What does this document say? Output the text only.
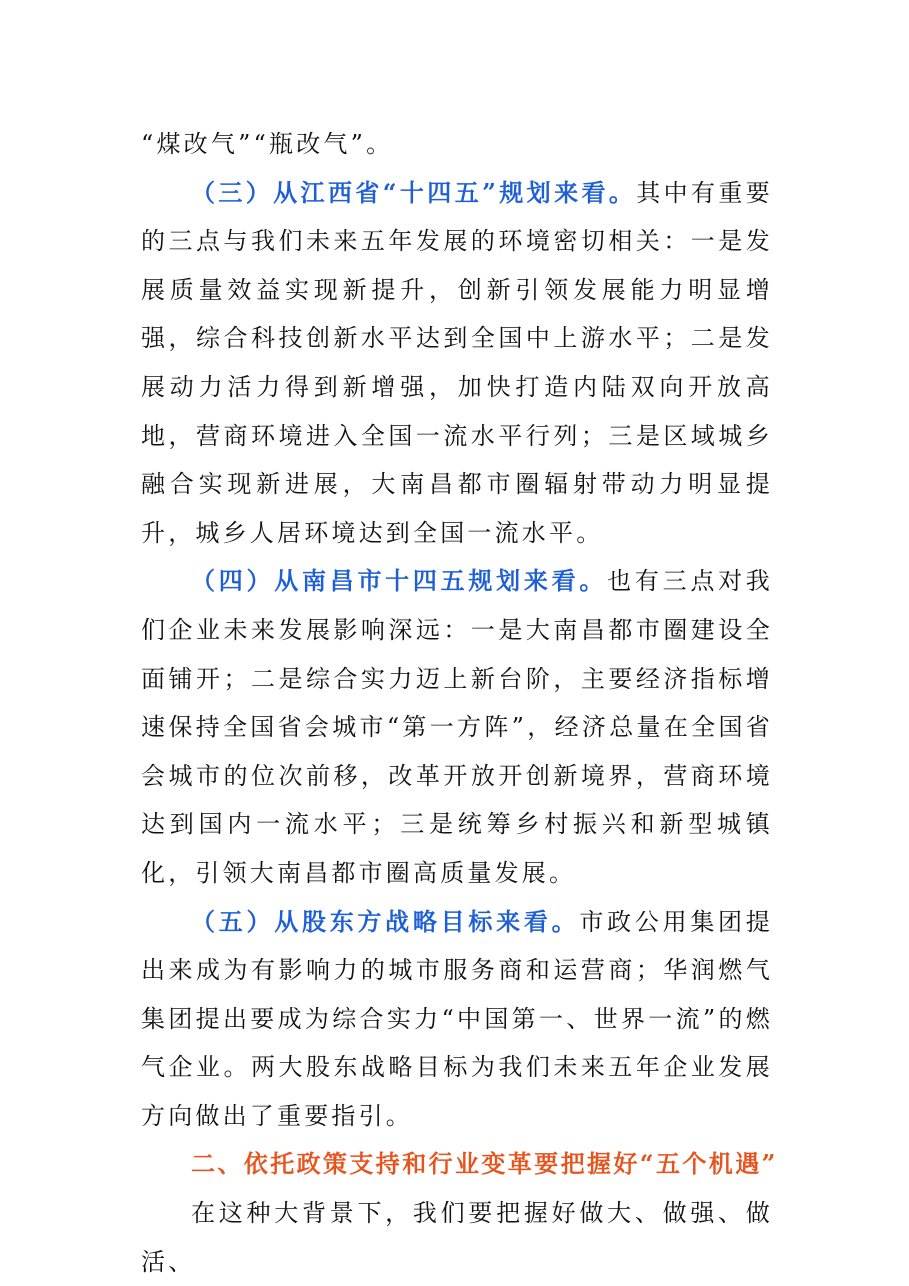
“煤改气”“瓶改气”。

（三）从江西省“十四五”规划来看。其中有重要的三点与我们未来五年发展的环境密切相关：一是发展质量效益实现新提升，创新引领发展能力明显增强，综合科技创新水平达到全国中上游水平；二是发展动力活力得到新增强，加快打造内陆双向开放高地，营商环境进入全国一流水平行列；三是区域城乡融合实现新进展，大南昌都市圈辐射带动力明显提升，城乡人居环境达到全国一流水平。

（四）从南昌市十四五规划来看。也有三点对我们企业未来发展影响深远：一是大南昌都市圈建设全面铺开；二是综合实力迈上新台阶，主要经济指标增速保持全国省会城市“第一方阵”，经济总量在全国省会城市的位次前移，改革开放开创新境界，营商环境达到国内一流水平；三是统筹乡村振兴和新型城镇化，引领大南昌都市圈高质量发展。

（五）从股东方战略目标来看。市政公用集团提出来成为有影响力的城市服务商和运营商；华润燃气集团提出要成为综合实力“中国第一、世界一流”的燃气企业。两大股东战略目标为我们未来五年企业发展方向做出了重要指引。

二、依托政策支持和行业变革要把握好“五个机遇”

在这种大背景下，我们要把握好做大、做强、做活、
